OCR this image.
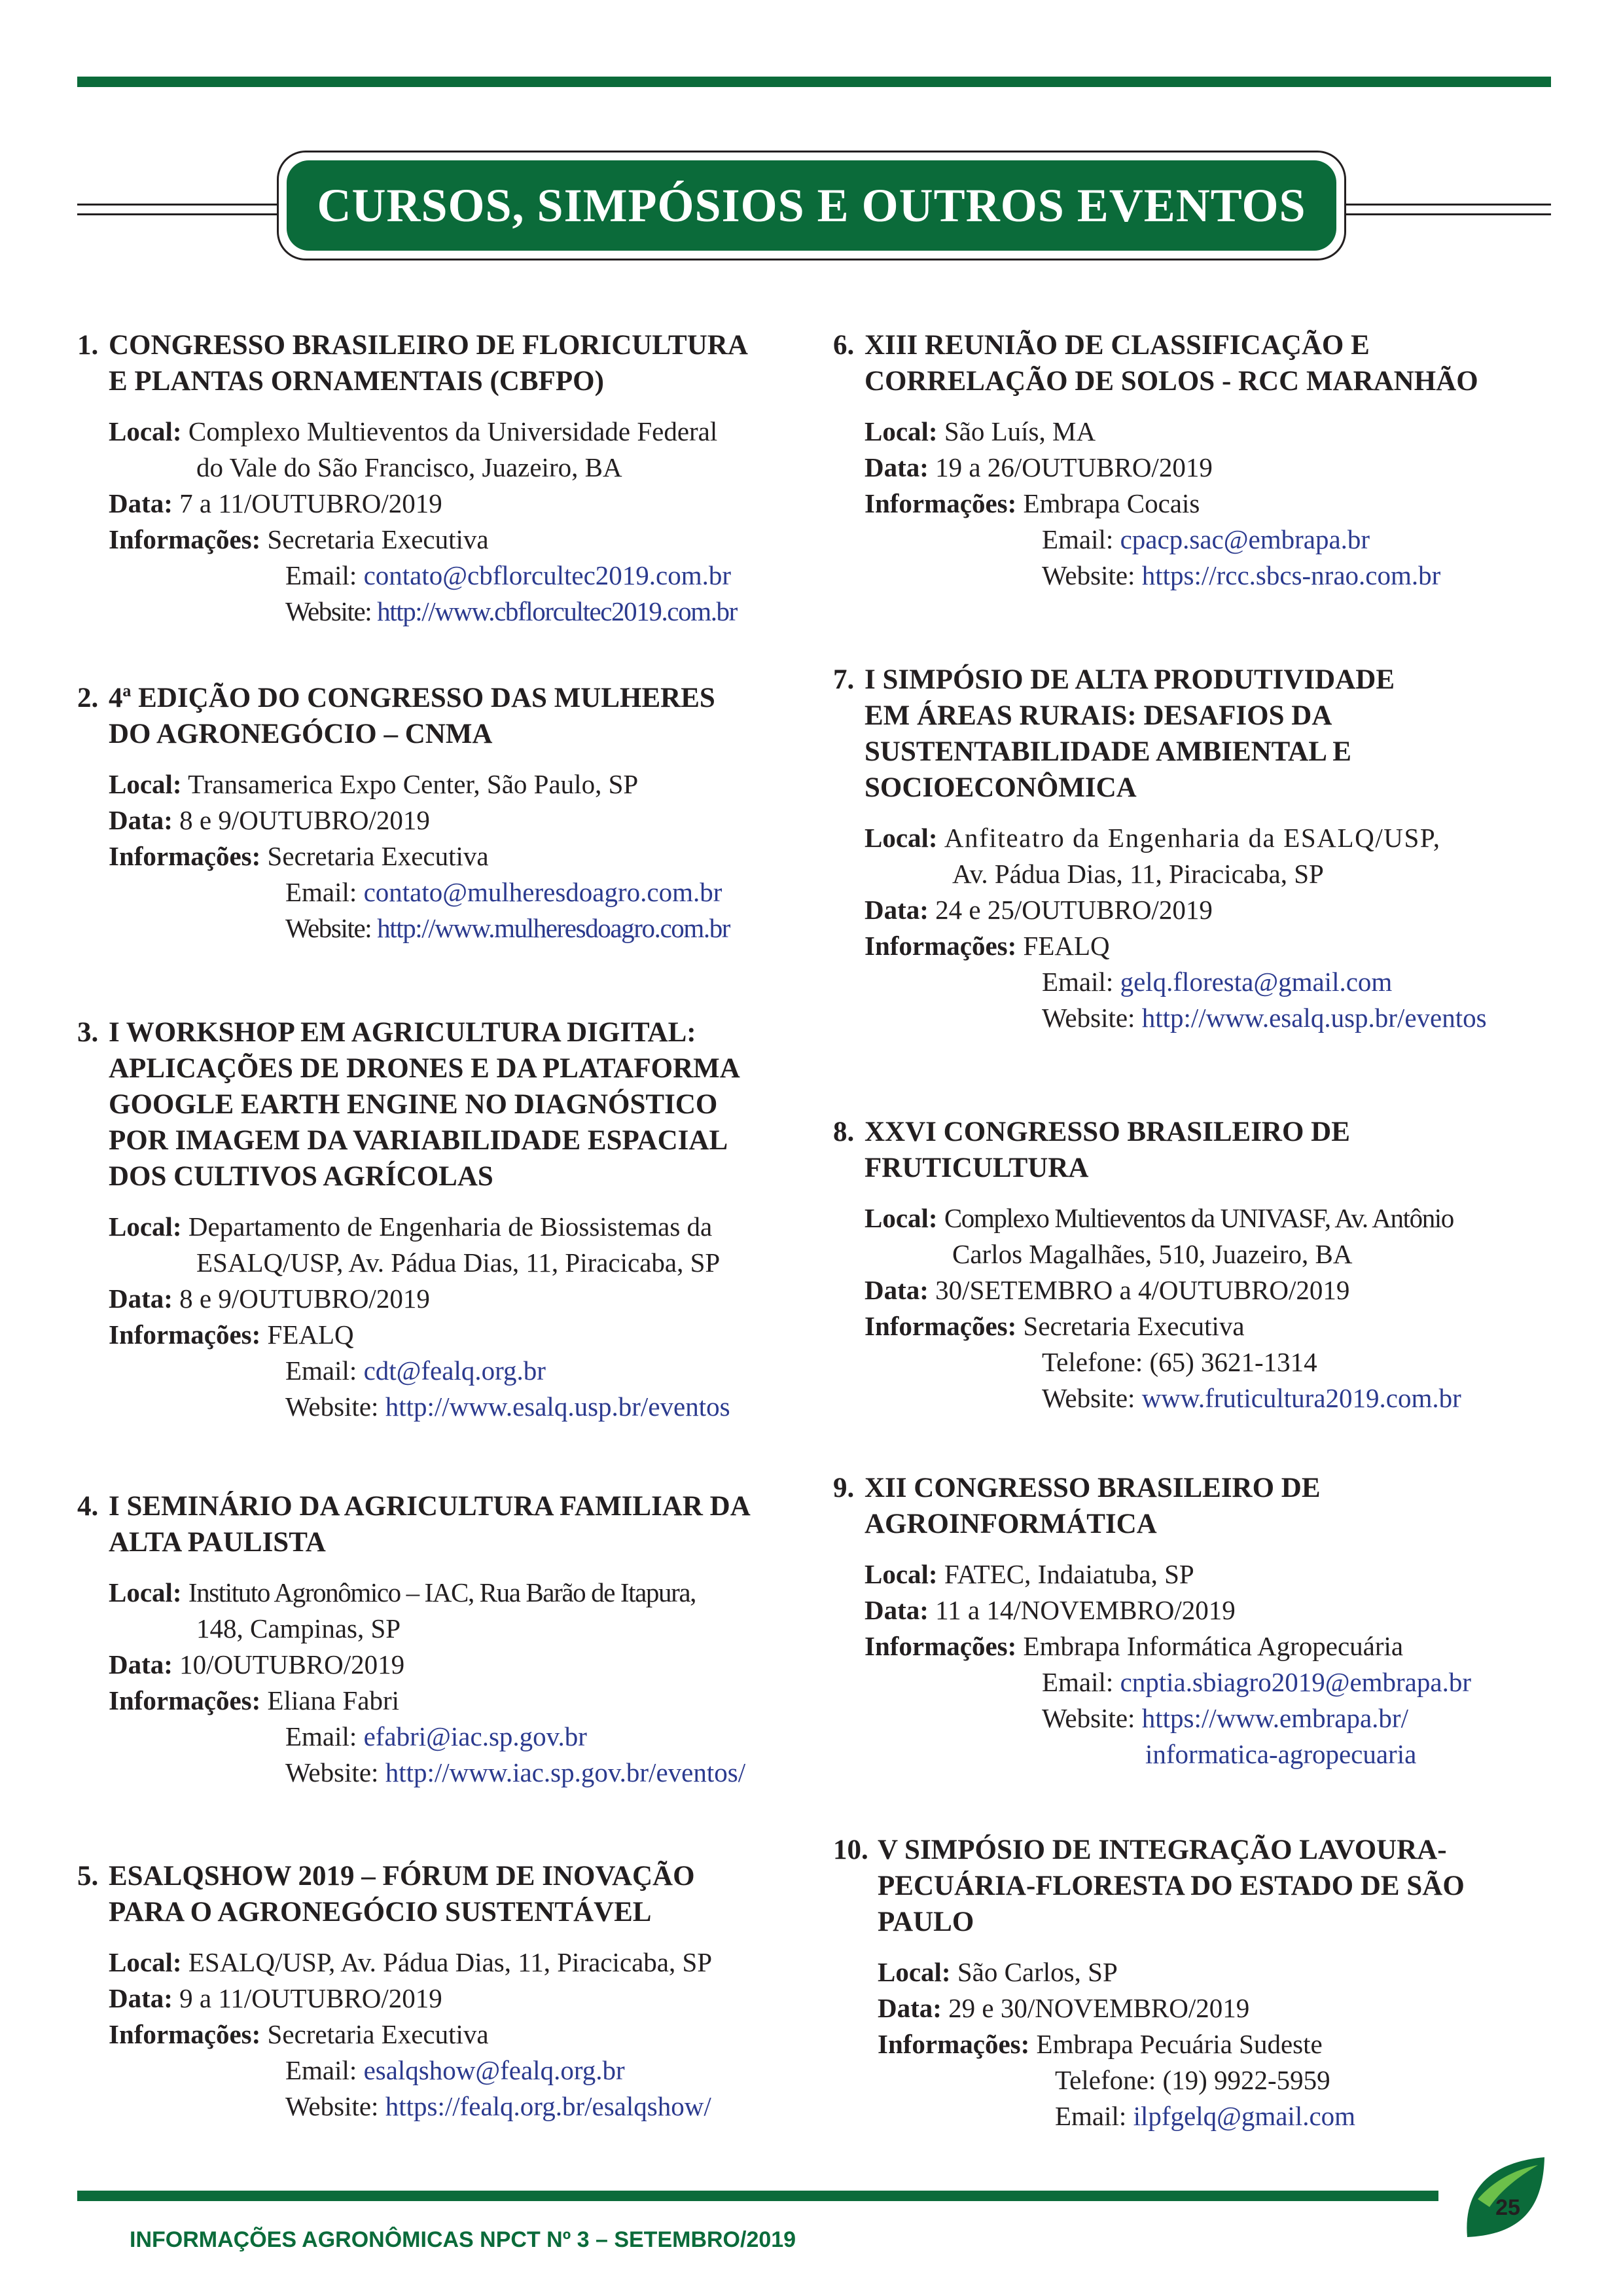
CURSOS, SIMPÓSIOS E OUTROS EVENTOS
1. CONGRESSO BRASILEIRO DE FLORICULTURA
E PLANTAS ORNAMENTAIS (CBFPO)
Local: Complexo Multieventos da Universidade Federal
do Vale do São Francisco, Juazeiro, BA
Data: 7 a 11/OUTUBRO/2019
Informações: Secretaria Executiva
Email: contato@cbflorcultec2019.com.br
Website: http://www.cbflorcultec2019.com.br
2. 4ª EDIÇÃO DO CONGRESSO DAS MULHERES
DO AGRONEGÓCIO – CNMA
Local: Transamerica Expo Center, São Paulo, SP
Data: 8 e 9/OUTUBRO/2019
Informações: Secretaria Executiva
Email: contato@mulheresdoagro.com.br
Website: http://www.mulheresdoagro.com.br
3. I WORKSHOP EM AGRICULTURA DIGITAL:
APLICAÇÕES DE DRONES E DA PLATAFORMA
GOOGLE EARTH ENGINE NO DIAGNÓSTICO
POR IMAGEM DA VARIABILIDADE ESPACIAL
DOS CULTIVOS AGRÍCOLAS
Local: Departamento de Engenharia de Biossistemas da
ESALQ/USP, Av. Pádua Dias, 11, Piracicaba, SP
Data: 8 e 9/OUTUBRO/2019
Informações: FEALQ
Email: cdt@fealq.org.br
Website: http://www.esalq.usp.br/eventos
4. I SEMINÁRIO DA AGRICULTURA FAMILIAR DA
ALTA PAULISTA
Local: Instituto Agronômico – IAC, Rua Barão de Itapura,
148, Campinas, SP
Data: 10/OUTUBRO/2019
Informações: Eliana Fabri
Email: efabri@iac.sp.gov.br
Website: http://www.iac.sp.gov.br/eventos/
5. ESALQSHOW 2019 – FÓRUM DE INOVAÇÃO
PARA O AGRONEGÓCIO SUSTENTÁVEL
Local: ESALQ/USP, Av. Pádua Dias, 11, Piracicaba, SP
Data: 9 a 11/OUTUBRO/2019
Informações: Secretaria Executiva
Email: esalqshow@fealq.org.br
Website: https://fealq.org.br/esalqshow/
6. XIII REUNIÃO DE CLASSIFICAÇÃO E
CORRELAÇÃO DE SOLOS - RCC MARANHÃO
Local: São Luís, MA
Data: 19 a 26/OUTUBRO/2019
Informações: Embrapa Cocais
Email: cpacp.sac@embrapa.br
Website: https://rcc.sbcs-nrao.com.br
7. I SIMPÓSIO DE ALTA PRODUTIVIDADE
EM ÁREAS RURAIS: DESAFIOS DA
SUSTENTABILIDADE AMBIENTAL E
SOCIOECONÔMICA
Local: Anfiteatro da Engenharia da ESALQ/USP,
Av. Pádua Dias, 11, Piracicaba, SP
Data: 24 e 25/OUTUBRO/2019
Informações: FEALQ
Email: gelq.floresta@gmail.com
Website: http://www.esalq.usp.br/eventos
8. XXVI CONGRESSO BRASILEIRO DE
FRUTICULTURA
Local: Complexo Multieventos da UNIVASF, Av. Antônio
Carlos Magalhães, 510, Juazeiro, BA
Data: 30/SETEMBRO a 4/OUTUBRO/2019
Informações: Secretaria Executiva
Telefone: (65) 3621-1314
Website: www.fruticultura2019.com.br
9. XII CONGRESSO BRASILEIRO DE
AGROINFORMÁTICA
Local: FATEC, Indaiatuba, SP
Data: 11 a 14/NOVEMBRO/2019
Informações: Embrapa Informática Agropecuária
Email: cnptia.sbiagro2019@embrapa.br
Website: https://www.embrapa.br/
informatica-agropecuaria
10. V SIMPÓSIO DE INTEGRAÇÃO LAVOURA-
PECUÁRIA-FLORESTA DO ESTADO DE SÃO
PAULO
Local: São Carlos, SP
Data: 29 e 30/NOVEMBRO/2019
Informações: Embrapa Pecuária Sudeste
Telefone: (19) 9922-5959
Email: ilpfgelq@gmail.com
25
INFORMAÇÕES AGRONÔMICAS NPCT Nº 3 – SETEMBRO/2019
